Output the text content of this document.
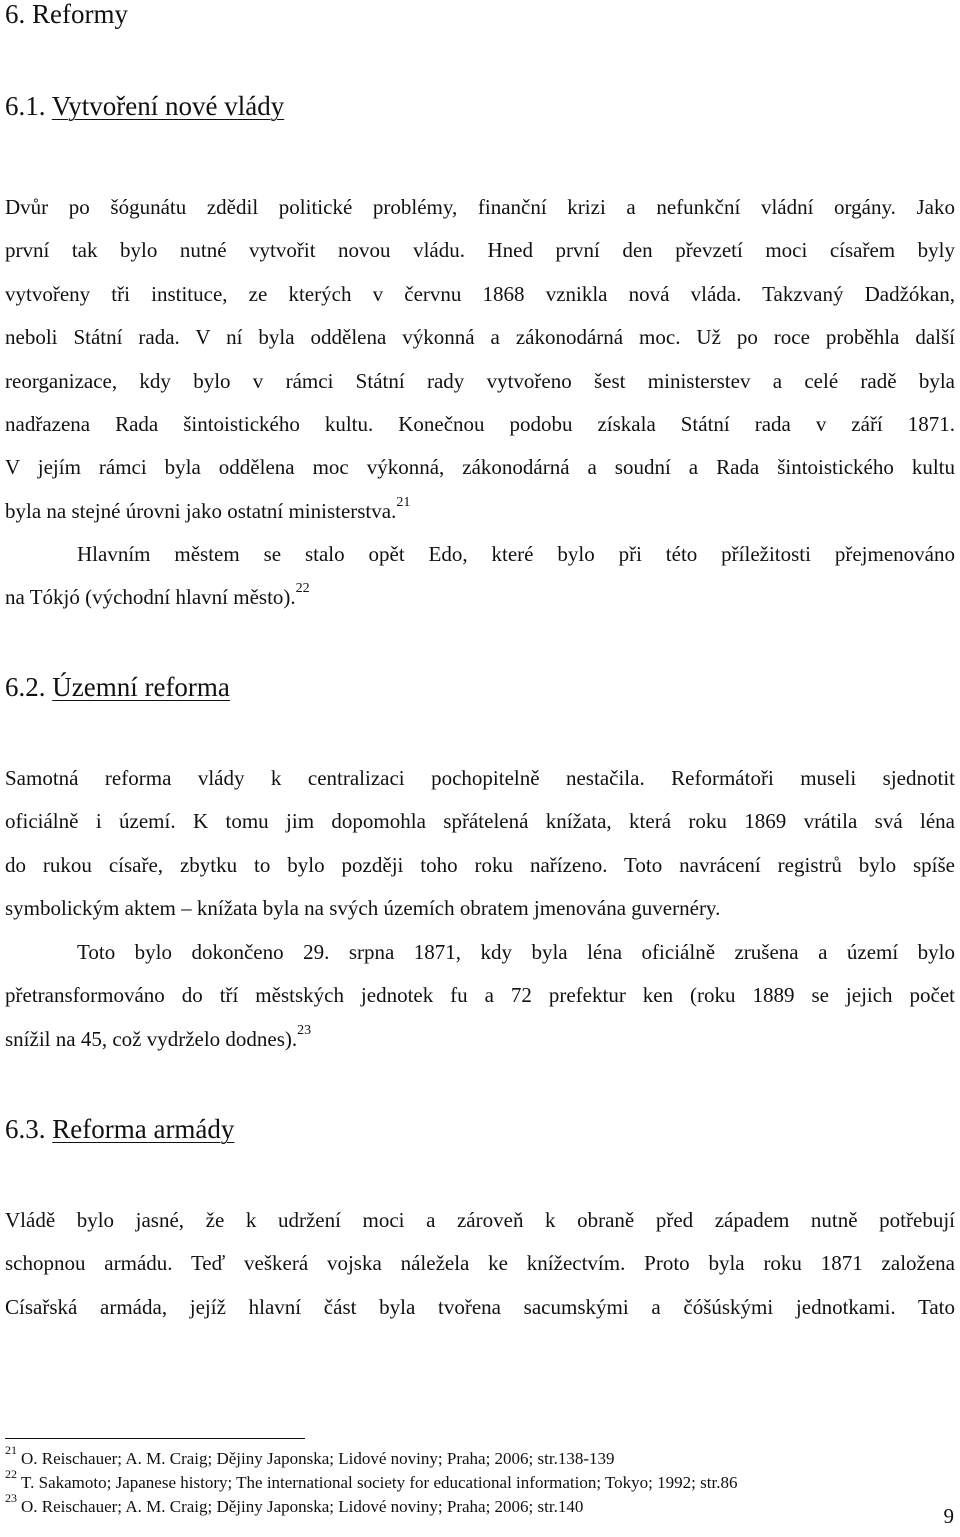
6. Reformy
6.1. Vytvoření nové vlády
Dvůr po šógunátu zdědil politické problémy, finanční krizi a nefunkční vládní orgány. Jako
první tak bylo nutné vytvořit novou vládu. Hned první den převzetí moci císařem byly
vytvořeny tři instituce, ze kterých v červnu 1868 vznikla nová vláda. Takzvaný Dadžókan,
neboli Státní rada. V ní byla oddělena výkonná a zákonodárná moc. Už po roce proběhla další
reorganizace, kdy bylo v rámci Státní rady vytvořeno šest ministerstev a celé radě byla
nadřazena Rada šintoistického kultu. Konečnou podobu získala Státní rada v září 1871.
V jejím rámci byla oddělena moc výkonná, zákonodárná a soudní a Rada šintoistického kultu
byla na stejné úrovni jako ostatní ministerstva.$^{21}$
Hlavním městem se stalo opět Edo, které bylo při této příležitosti přejmenováno
na Tókjó (východní hlavní město).$^{22}$
6.2. Územní reforma
Samotná reforma vlády k centralizaci pochopitelně nestačila. Reformátoři museli sjednotit
oficiálně i území. K tomu jim dopomohla spřátelená knížata, která roku 1869 vrátila svá léna
do rukou císaře, zbytku to bylo později toho roku nařízeno. Toto navrácení registrů bylo spíše
symbolickým aktem – knížata byla na svých územích obratem jmenována guvernéry.
Toto bylo dokončeno 29. srpna 1871, kdy byla léna oficiálně zrušena a území bylo
přetransformováno do tří městských jednotek fu a 72 prefektur ken (roku 1889 se jejich počet
snížil na 45, což vydrželo dodnes).$^{23}$
6.3. Reforma armády
Vládě bylo jasné, že k udržení moci a zároveň k obraně před západem nutně potřebují
schopnou armádu. Teď veškerá vojska náležela ke knížectvím. Proto byla roku 1871 založena
Císařská armáda, jejíž hlavní část byla tvořena sacumskými a čóšúskými jednotkami. Tato
$^{21}$ O. Reischauer; A. M. Craig; Dějiny Japonska; Lidové noviny; Praha; 2006; str.138-139
$^{22}$ T. Sakamoto; Japanese history; The international society for educational information; Tokyo; 1992; str.86
$^{23}$ O. Reischauer; A. M. Craig; Dějiny Japonska; Lidové noviny; Praha; 2006; str.140	9
